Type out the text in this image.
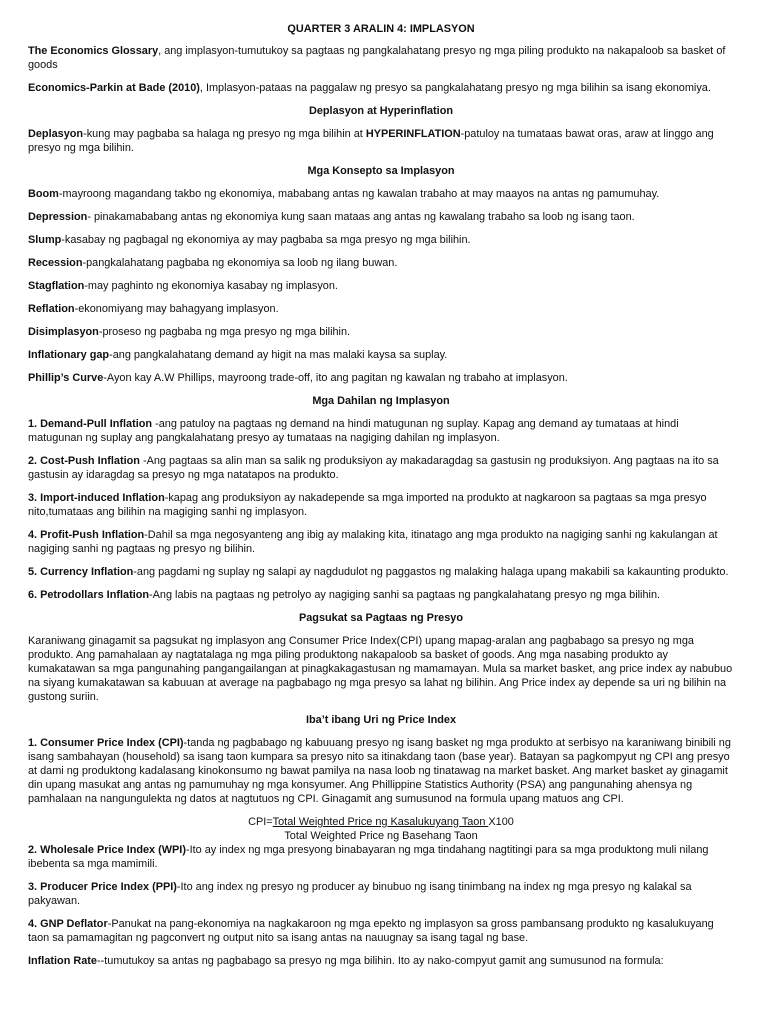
QUARTER 3 ARALIN 4: IMPLASYON

The Economics Glossary, ang implasyon-tumutukoy sa pagtaas ng pangkalahatang presyo ng mga piling produkto na nakapaloob sa basket of goods

Economics-Parkin at Bade (2010), Implasyon-pataas na paggalaw ng presyo sa pangkalahatang presyo ng mga bilihin sa isang ekonomiya.

Deplasyon at Hyperinflation

Deplasyon-kung may pagbaba sa halaga ng presyo ng mga bilihin at HYPERINFLATION-patuloy na tumataas bawat oras, araw at linggo ang presyo ng mga bilihin.

Mga Konsepto sa Implasyon

Boom-mayroong magandang takbo ng ekonomiya, mababang antas ng kawalan trabaho at may maayos na antas ng pamumuhay.

Depression- pinakamababang antas ng ekonomiya kung saan mataas ang antas ng kawalang trabaho sa loob ng isang taon.

Slump-kasabay ng pagbagal ng ekonomiya ay may pagbaba sa mga presyo ng mga bilihin.

Recession-pangkalahatang pagbaba ng ekonomiya sa loob ng ilang buwan.

Stagflation-may paghinto ng ekonomiya kasabay ng implasyon.

Reflation-ekonomiyang may bahagyang implasyon.

Disimplasyon-proseso ng pagbaba ng mga presyo ng mga bilihin.

Inflationary gap-ang pangkalahatang demand ay higit na mas malaki kaysa sa suplay.

Phillip’s Curve-Ayon kay A.W Phillips, mayroong trade-off, ito ang pagitan ng kawalan ng trabaho at implasyon.

Mga Dahilan ng Implasyon

1. Demand-Pull Inflation -ang patuloy na pagtaas ng demand na hindi matugunan ng suplay. Kapag ang demand ay tumataas at hindi matugunan ng suplay ang pangkalahatang presyo ay tumataas na nagiging dahilan ng implasyon.

2. Cost-Push Inflation -Ang pagtaas sa alin man sa salik ng produksiyon ay makadaragdag sa gastusin ng produksiyon. Ang pagtaas na ito sa gastusin ay idaragdag sa presyo ng mga natatapos na produkto.

3. Import-induced Inflation-kapag ang produksiyon ay nakadepende sa mga imported na produkto at nagkaroon sa pagtaas sa mga presyo nito,tumataas ang bilihin na magiging sanhi ng implasyon.

4. Profit-Push Inflation-Dahil sa mga negosyanteng ang ibig ay malaking kita, itinatago ang mga produkto na nagiging sanhi ng kakulangan at nagiging sanhi ng pagtaas ng presyo ng bilihin.

5. Currency Inflation-ang pagdami ng suplay ng salapi ay nagdudulot ng paggastos ng malaking halaga upang makabili sa kakaunting produkto.

6. Petrodollars Inflation-Ang labis na pagtaas ng petrolyo ay nagiging sanhi sa pagtaas ng pangkalahatang presyo ng mga bilihin.

Pagsukat sa Pagtaas ng Presyo

Karaniwang ginagamit sa pagsukat ng implasyon ang Consumer Price Index(CPI) upang mapag-aralan ang pagbabago sa presyo ng mga produkto. Ang pamahalaan ay nagtatalaga ng mga piling produktong nakapaloob sa basket of goods. Ang mga nasabing produkto ay kumakatawan sa mga pangunahing pangangailangan at pinagkakagastusan ng mamamayan. Mula sa market basket, ang price index ay nabubuo na siyang kumakatawan sa kabuuan at average na pagbabago ng mga presyo sa lahat ng bilihin. Ang Price index ay depende sa uri ng bilihin na gustong suriin.

Iba’t ibang Uri ng Price Index

1. Consumer Price Index (CPI)-tanda ng pagbabago ng kabuuang presyo ng isang basket ng mga produkto at serbisyo na karaniwang binibili ng isang sambahayan (household) sa isang taon kumpara sa presyo nito sa itinakdang taon (base year). Batayan sa pagkompyut ng CPI ang presyo at dami ng produktong kadalasang kinokonsumo ng bawat pamilya na nasa loob ng tinatawag na market basket. Ang market basket ay ginagamit din upang masukat ang antas ng pamumuhay ng mga konsyumer. Ang Phillippine Statistics Authority (PSA) ang pangunahing ahensya ng pamhalaan na nangungulekta ng datos at nagtutuos ng CPI. Ginagamit ang sumusunod na formula upang matuos ang CPI.

CPI=Total Weighted Price ng Kasalukuyang Taon X100
Total Weighted Price ng Basehang Taon

2. Wholesale Price Index (WPI)-Ito ay index ng mga presyong binabayaran ng mga tindahang nagtitingi para sa mga produktong muli nilang ibebenta sa mga mamimili.

3. Producer Price Index (PPI)-Ito ang index ng presyo ng producer ay binubuo ng isang tinimbang na index ng mga presyo ng kalakal sa pakyawan.

4. GNP Deflator-Panukat na pang-ekonomiya na nagkakaroon ng mga epekto ng implasyon sa gross pambansang produkto ng kasalukuyang taon sa pamamagitan ng pagconvert ng output nito sa isang antas na nauugnay sa isang tagal ng base.

Inflation Rate--tumutukoy sa antas ng pagbabago sa presyo ng mga bilihin. Ito ay nako-compyut gamit ang sumusunod na formula:
